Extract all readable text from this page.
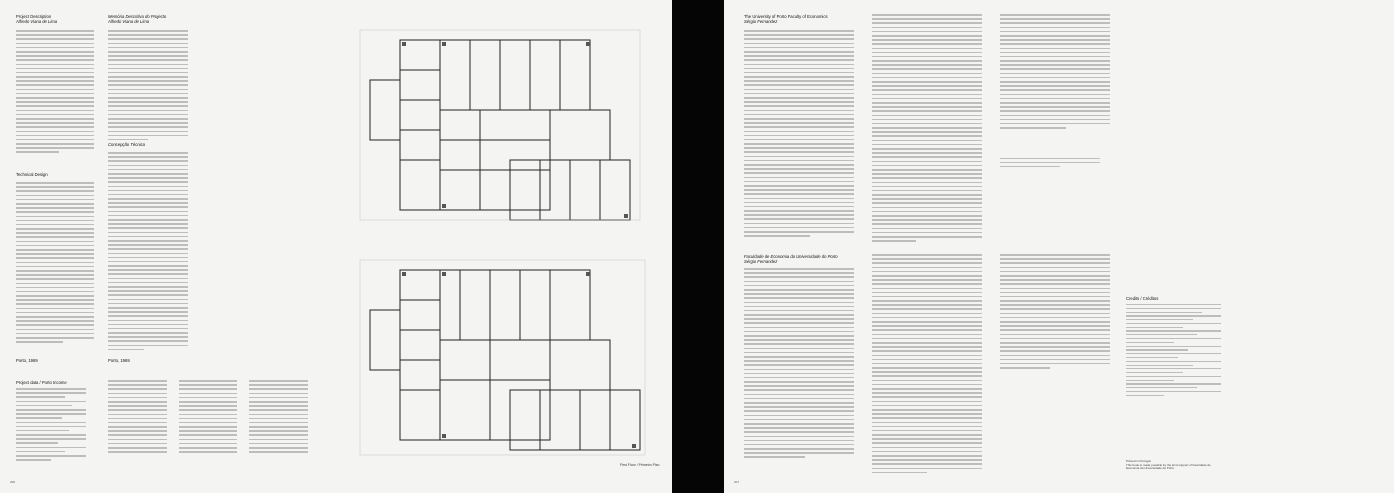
Project Description
Alfredo Viana de Lima
Technical Design
Porto, 1969
Project data / Porto Income
Memória Descritiva do Projecto
Alfredo Viana de Lima
Concepção Técnica
Porto, 1969
First Floor / Primeiro Piso
206
The University of Porto Faculty of Economics
Sérgio Fernandez
Faculdade de Economia da Universidade do Porto
Sérgio Fernandez
Credits / Créditos
Printed in Portugal
This book is made possible by the kind support of Faculdade de Economia da Universidade do Porto
207
